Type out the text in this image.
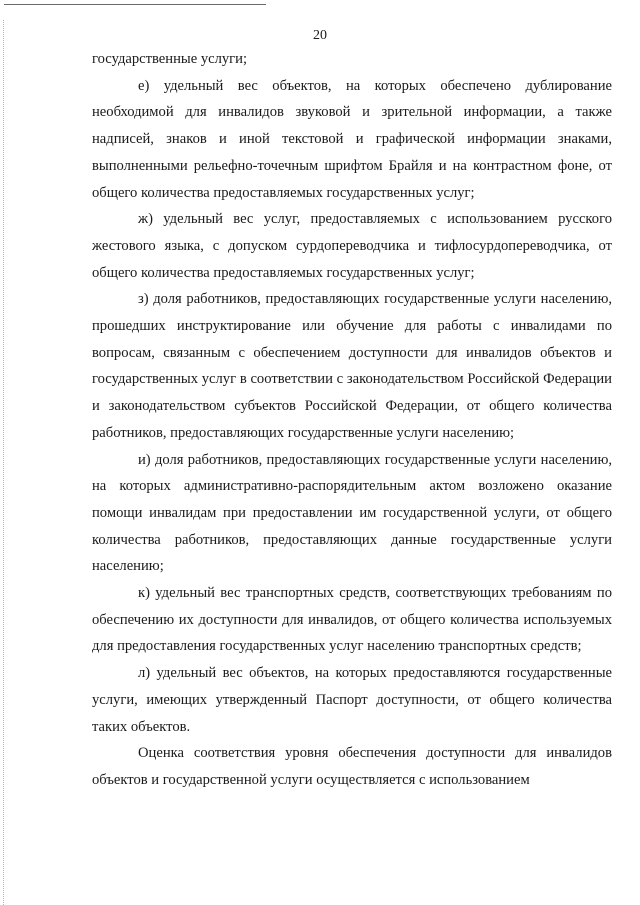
20

государственные услуги;

е) удельный вес объектов, на которых обеспечено дублирование необходимой для инвалидов звуковой и зрительной информации, а также надписей, знаков и иной текстовой и графической информации знаками, выполненными рельефно-точечным шрифтом Брайля и на контрастном фоне, от общего количества предоставляемых государственных услуг;

ж) удельный вес услуг, предоставляемых с использованием русского жестового языка, с допуском сурдопереводчика и тифлосурдопереводчика, от общего количества предоставляемых государственных услуг;

з) доля работников, предоставляющих государственные услуги населению, прошедших инструктирование или обучение для работы с инвалидами по вопросам, связанным с обеспечением доступности для инвалидов объектов и государственных услуг в соответствии с законодательством Российской Федерации и законодательством субъектов Российской Федерации, от общего количества работников, предоставляющих государственные услуги населению;

и) доля работников, предоставляющих государственные услуги населению, на которых административно-распорядительным актом возложено оказание помощи инвалидам при предоставлении им государственной услуги, от общего количества работников, предоставляющих данные государственные услуги населению;

к) удельный вес транспортных средств, соответствующих требованиям по обеспечению их доступности для инвалидов, от общего количества используемых для предоставления государственных услуг населению транспортных средств;

л) удельный вес объектов, на которых предоставляются государственные услуги, имеющих утвержденный Паспорт доступности, от общего количества таких объектов.

Оценка соответствия уровня обеспечения доступности для инвалидов объектов и государственной услуги осуществляется с использованием
